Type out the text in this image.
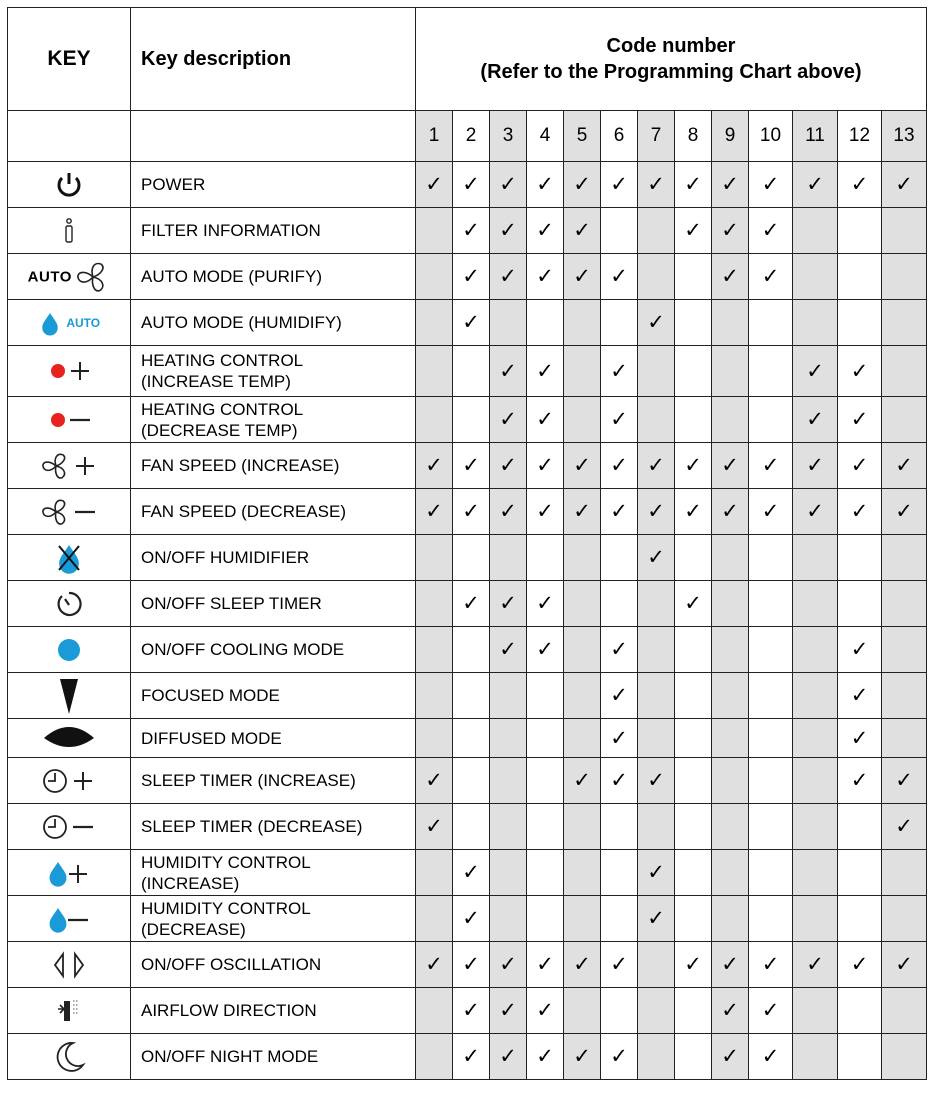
KEY	Key description	Code number
(Refer to the Programming Chart above)												

		1	2	3	4	5	6	7	8	9	10	11	12	13

	POWER	✓	✓	✓	✓	✓	✓	✓	✓	✓	✓	✓	✓	✓

	FILTER INFORMATION		✓	✓	✓	✓			✓	✓	✓			
AUTO	AUTO MODE (PURIFY)		✓	✓	✓	✓	✓			✓	✓			

AUTO	AUTO MODE (HUMIDIFY)		✓					✓						

HEATING CONTROL
(INCREASE TEMP)			✓	✓		✓					✓	✓	

HEATING CONTROL
(DECREASE TEMP)			✓	✓		✓					✓	✓	

	FAN SPEED (INCREASE)	✓	✓	✓	✓	✓	✓	✓	✓	✓	✓	✓	✓	✓

	FAN SPEED (DECREASE)	✓	✓	✓	✓	✓	✓	✓	✓	✓	✓	✓	✓	✓

	ON/OFF HUMIDIFIER							✓						

	ON/OFF SLEEP TIMER		✓	✓	✓				✓					

	ON/OFF COOLING MODE			✓	✓		✓						✓	

	FOCUSED MODE						✓						✓	

	DIFFUSED MODE						✓						✓	

	SLEEP TIMER (INCREASE)	✓				✓	✓	✓					✓	✓

	SLEEP TIMER (DECREASE)	✓												✓

HUMIDITY CONTROL
(INCREASE)		✓					✓						

HUMIDITY CONTROL
(DECREASE)		✓					✓						

	ON/OFF OSCILLATION	✓	✓	✓	✓	✓	✓		✓	✓	✓	✓	✓	✓

	AIRFLOW DIRECTION		✓	✓	✓					✓	✓			

	ON/OFF NIGHT MODE		✓	✓	✓	✓	✓			✓	✓			
